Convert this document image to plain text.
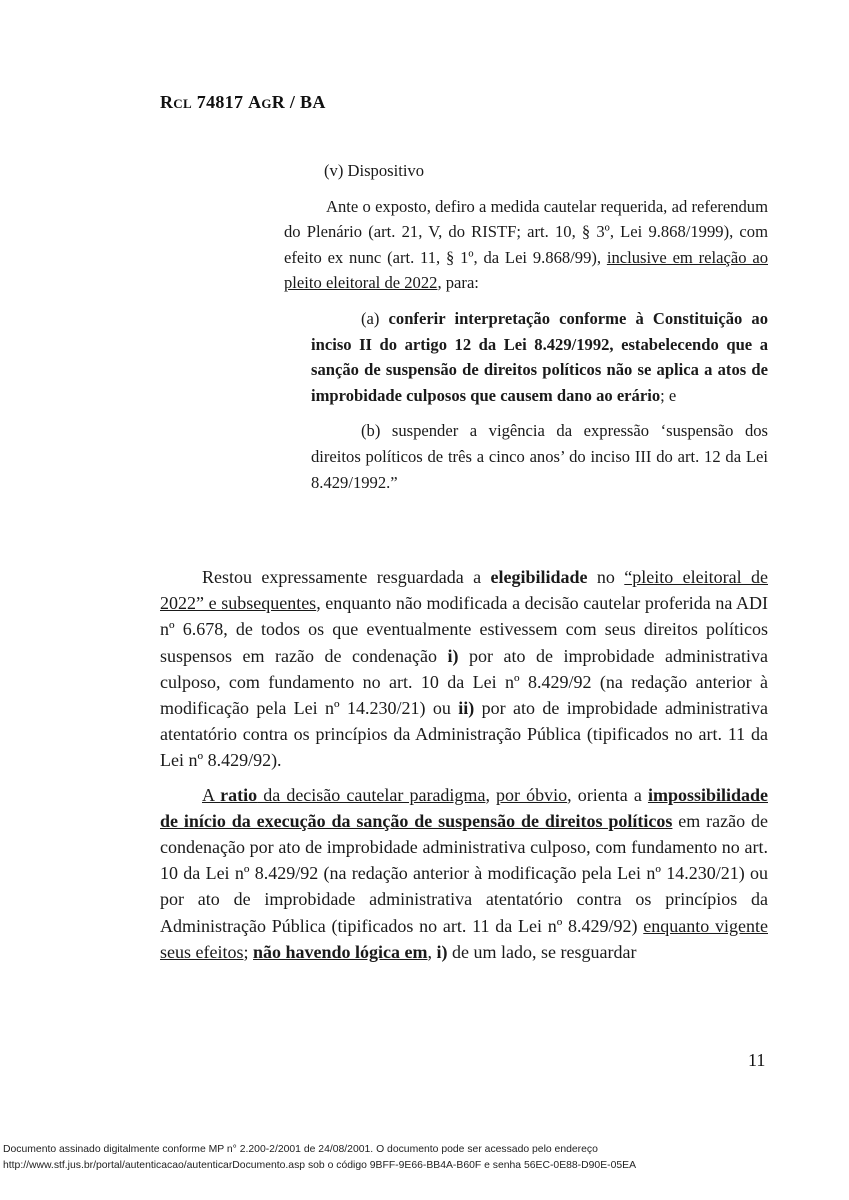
Rcl 74817 AgR / BA

(v) Dispositivo

Ante o exposto, defiro a medida cautelar requerida, ad referendum do Plenário (art. 21, V, do RISTF; art. 10, § 3º, Lei 9.868/1999), com efeito ex nunc (art. 11, § 1º, da Lei 9.868/99), inclusive em relação ao pleito eleitoral de 2022, para:

(a) conferir interpretação conforme à Constituição ao inciso II do artigo 12 da Lei 8.429/1992, estabelecendo que a sanção de suspensão de direitos políticos não se aplica a atos de improbidade culposos que causem dano ao erário; e

(b) suspender a vigência da expressão ‘suspensão dos direitos políticos de três a cinco anos’ do inciso III do art. 12 da Lei 8.429/1992.”

Restou expressamente resguardada a elegibilidade no “pleito eleitoral de 2022” e subsequentes, enquanto não modificada a decisão cautelar proferida na ADI nº 6.678, de todos os que eventualmente estivessem com seus direitos políticos suspensos em razão de condenação i) por ato de improbidade administrativa culposo, com fundamento no art. 10 da Lei nº 8.429/92 (na redação anterior à modificação pela Lei nº 14.230/21) ou ii) por ato de improbidade administrativa atentatório contra os princípios da Administração Pública (tipificados no art. 11 da Lei nº 8.429/92).

A ratio da decisão cautelar paradigma, por óbvio, orienta a impossibilidade de início da execução da sanção de suspensão de direitos políticos em razão de condenação por ato de improbidade administrativa culposo, com fundamento no art. 10 da Lei nº 8.429/92 (na redação anterior à modificação pela Lei nº 14.230/21) ou por ato de improbidade administrativa atentatório contra os princípios da Administração Pública (tipificados no art. 11 da Lei nº 8.429/92) enquanto vigente seus efeitos; não havendo lógica em, i) de um lado, se resguardar

11
Documento assinado digitalmente conforme MP n° 2.200-2/2001 de 24/08/2001. O documento pode ser acessado pelo endereço
http://www.stf.jus.br/portal/autenticacao/autenticarDocumento.asp sob o código 9BFF-9E66-BB4A-B60F e senha 56EC-0E88-D90E-05EA
